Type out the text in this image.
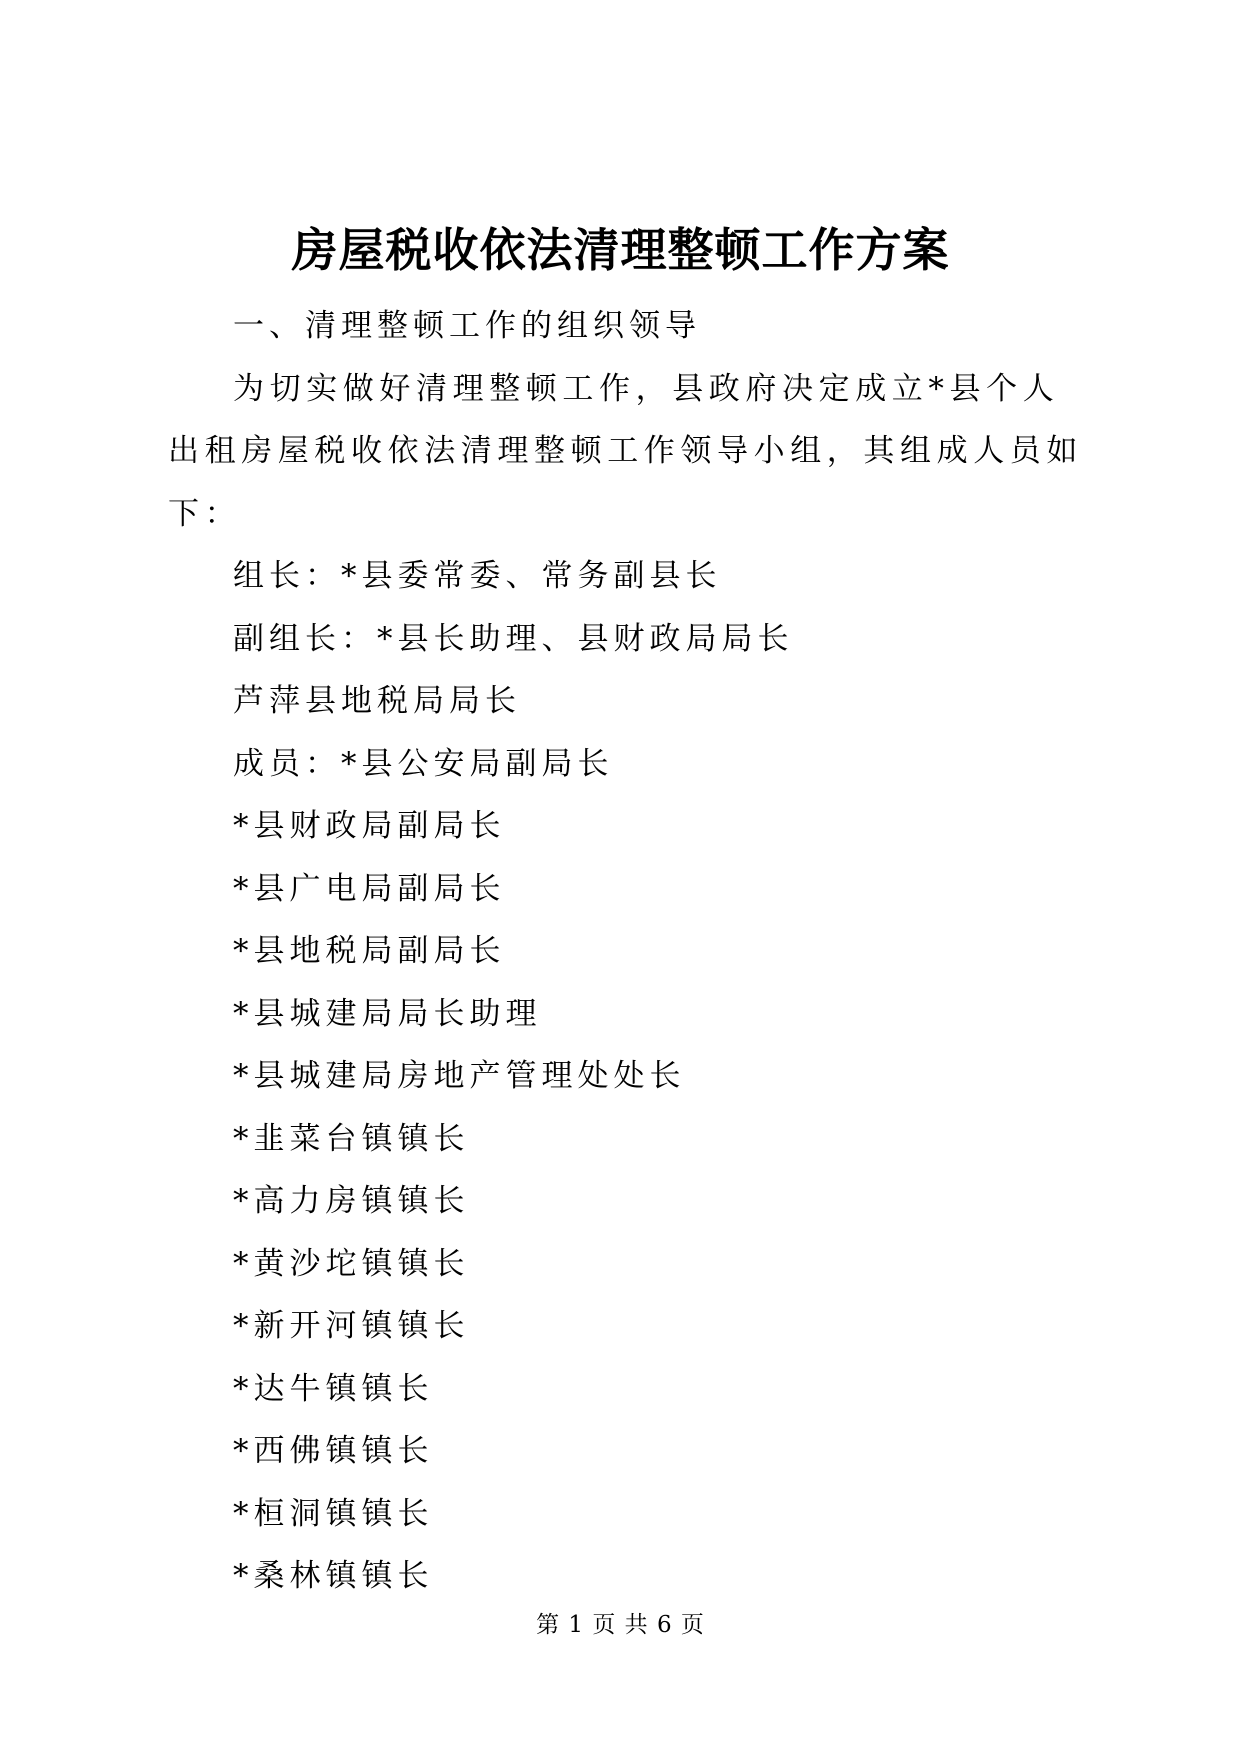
房屋税收依法清理整顿工作方案

一、清理整顿工作的组织领导

为切实做好清理整顿工作，县政府决定成立*县个人出租房屋税收依法清理整顿工作领导小组，其组成人员如下：

组长：*县委常委、常务副县长

副组长：*县长助理、县财政局局长

芦萍县地税局局长

成员：*县公安局副局长

*县财政局副局长

*县广电局副局长

*县地税局副局长

*县城建局局长助理

*县城建局房地产管理处处长

*韭菜台镇镇长

*高力房镇镇长

*黄沙坨镇镇长

*新开河镇镇长

*达牛镇镇长

*西佛镇镇长

*桓洞镇镇长

*桑林镇镇长

第 1 页 共 6 页
